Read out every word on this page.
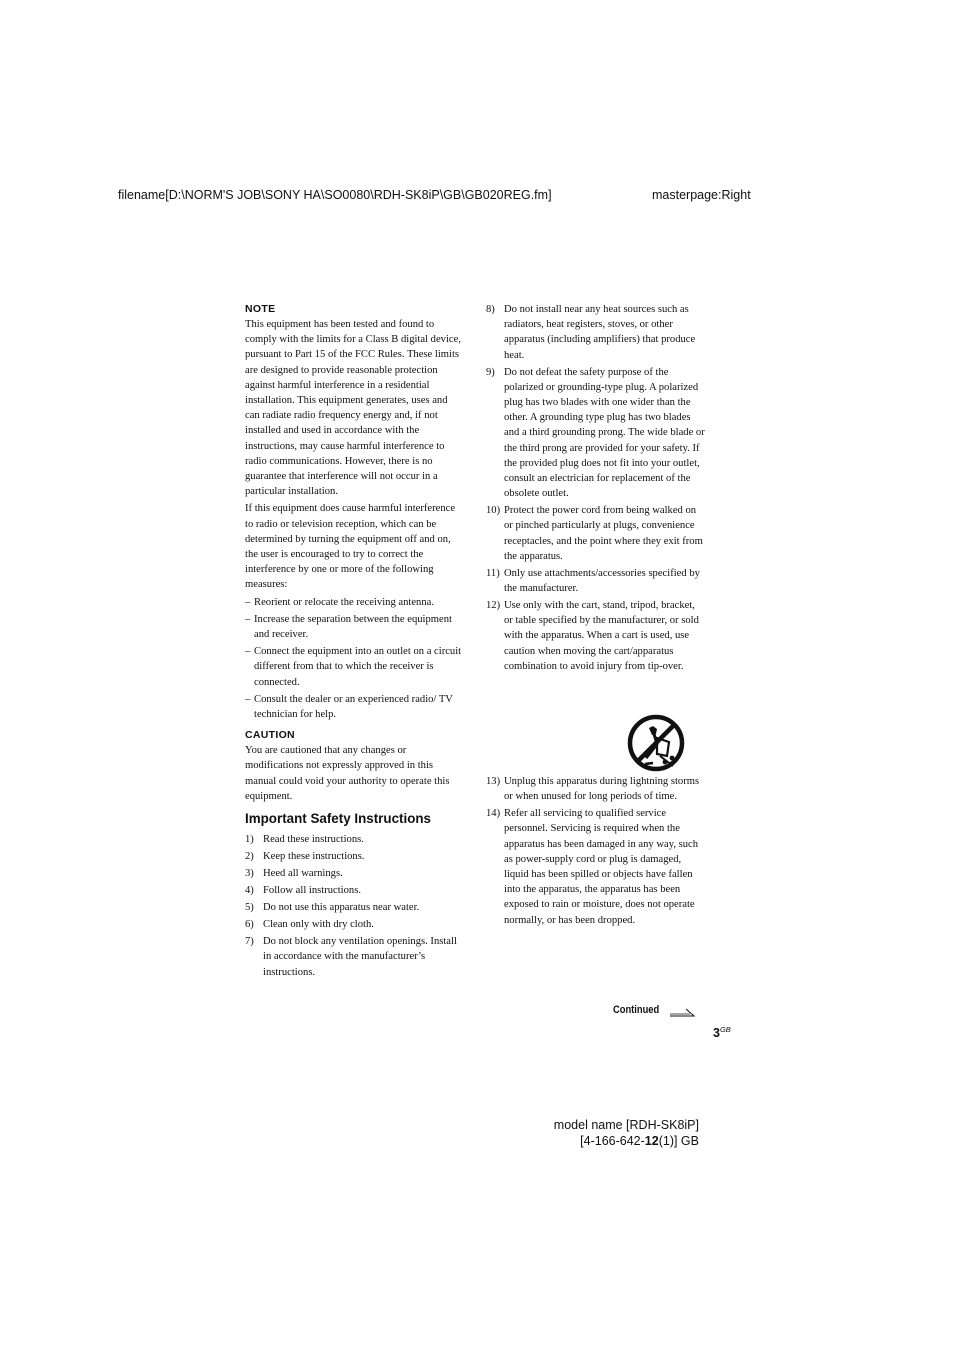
filename[D:\NORM'S JOB\SONY HA\SO0080\RDH-SK8iP\GB\GB020REG.fm]	masterpage:Right
NOTE

This equipment has been tested and found to comply with the limits for a Class B digital device, pursuant to Part 15 of the FCC Rules. These limits are designed to provide reasonable protection against harmful interference in a residential installation. This equipment generates, uses and can radiate radio frequency energy and, if not installed and used in accordance with the instructions, may cause harmful interference to radio communications. However, there is no guarantee that interference will not occur in a particular installation.

If this equipment does cause harmful interference to radio or television reception, which can be determined by turning the equipment off and on, the user is encouraged to try to correct the interference by one or more of the following measures:

– Reorient or relocate the receiving antenna.
– Increase the separation between the equipment and receiver.
– Connect the equipment into an outlet on a circuit different from that to which the receiver is connected.
– Consult the dealer or an experienced radio/ TV technician for help.
CAUTION

You are cautioned that any changes or modifications not expressly approved in this manual could void your authority to operate this equipment.

Important Safety Instructions
1) Read these instructions.
2) Keep these instructions.
3) Heed all warnings.
4) Follow all instructions.
5) Do not use this apparatus near water.
6) Clean only with dry cloth.
7) Do not block any ventilation openings. Install in accordance with the manufacturer’s instructions.
8) Do not install near any heat sources such as radiators, heat registers, stoves, or other apparatus (including amplifiers) that produce heat.
9) Do not defeat the safety purpose of the polarized or grounding-type plug. A polarized plug has two blades with one wider than the other. A grounding type plug has two blades and a third grounding prong. The wide blade or the third prong are provided for your safety. If the provided plug does not fit into your outlet, consult an electrician for replacement of the obsolete outlet.
10) Protect the power cord from being walked on or pinched particularly at plugs, convenience receptacles, and the point where they exit from the apparatus.
11) Only use attachments/accessories specified by the manufacturer.
12) Use only with the cart, stand, tripod, bracket, or table specified by the manufacturer, or sold with the apparatus. When a cart is used, use caution when moving the cart/apparatus combination to avoid injury from tip-over.
13) Unplug this apparatus during lightning storms or when unused for long periods of time.
14) Refer all servicing to qualified service personnel. Servicing is required when the apparatus has been damaged in any way, such as power-supply cord or plug is damaged, liquid has been spilled or objects have fallen into the apparatus, the apparatus has been exposed to rain or moisture, does not operate normally, or has been dropped.
Continued
$3^{GB}$
model name [RDH-SK8iP]
[4-166-642-12(1)] GB
